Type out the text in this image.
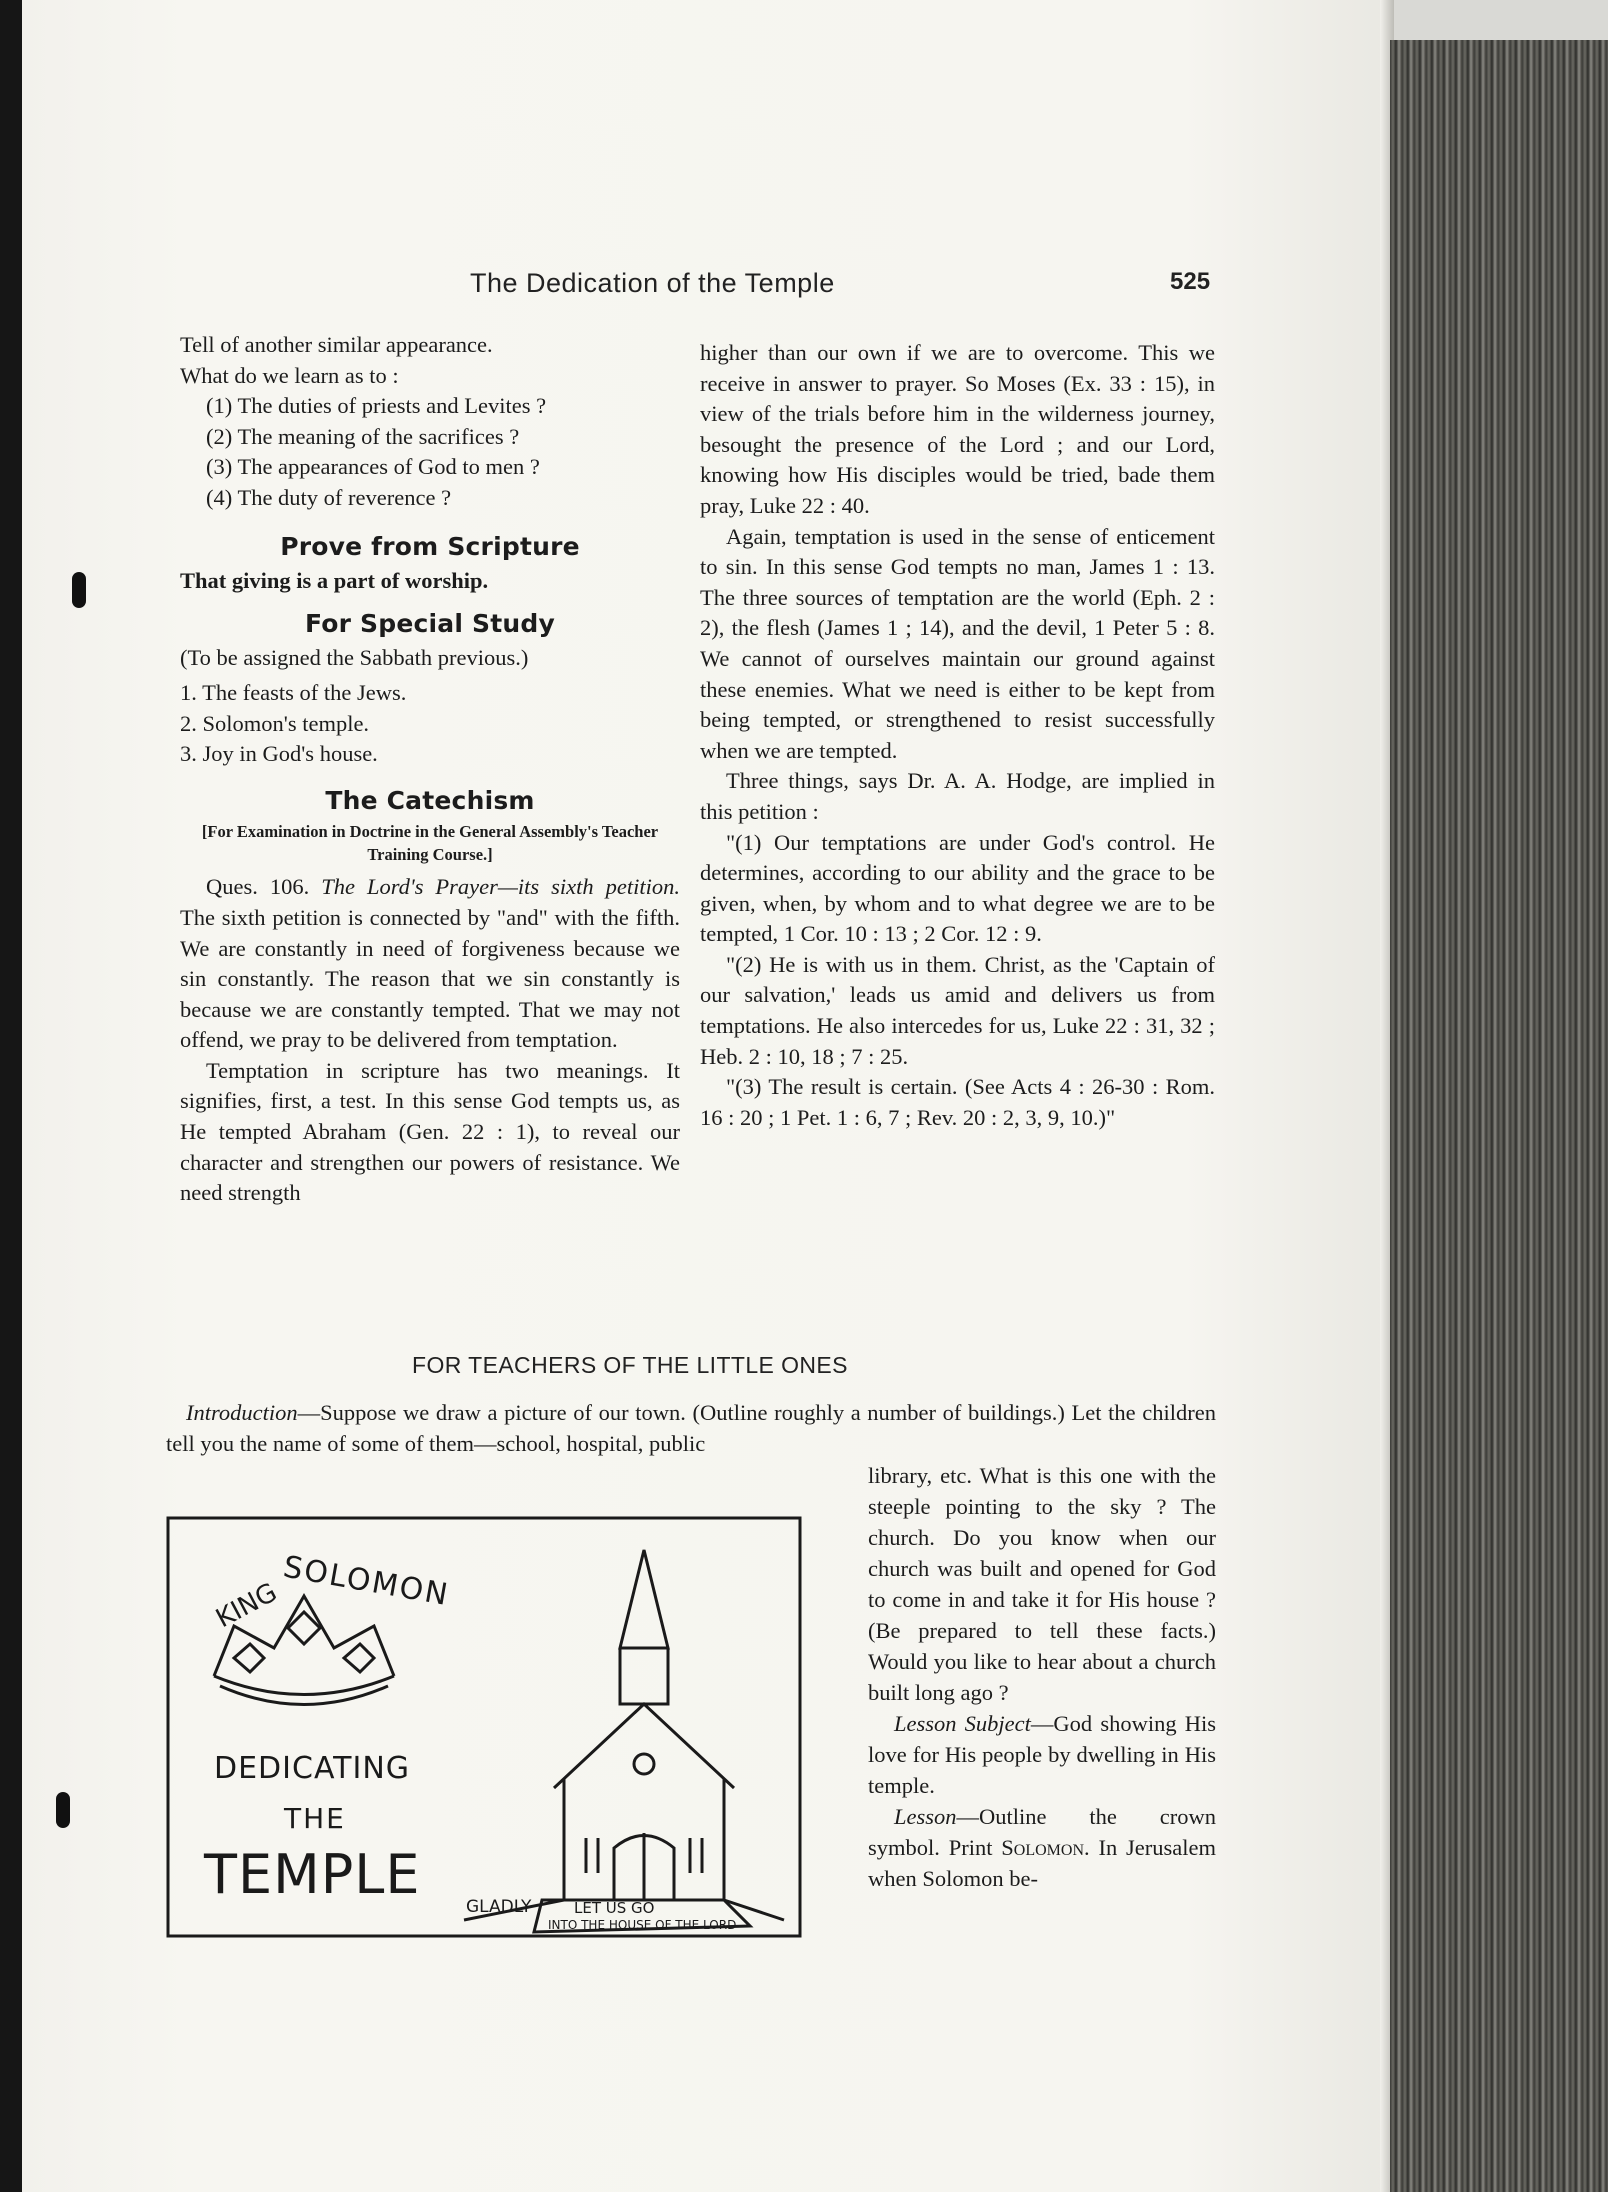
The Dedication of the Temple	525
Tell of another similar appearance.
What do we learn as to :
(1) The duties of priests and Levites ?
(2) The meaning of the sacrifices ?
(3) The appearances of God to men ?
(4) The duty of reverence ?
Prove from Scripture
That giving is a part of worship.
For Special Study
(To be assigned the Sabbath previous.)
1. The feasts of the Jews.
2. Solomon's temple.
3. Joy in God's house.
The Catechism
[For Examination in Doctrine in the General Assembly's Teacher Training Course.]

Ques. 106. The Lord's Prayer—its sixth petition. The sixth petition is connected by "and" with the fifth. We are constantly in need of forgiveness because we sin constantly. The reason that we sin constantly is because we are constantly tempted. That we may not offend, we pray to be delivered from temptation.

Temptation in scripture has two meanings. It signifies, first, a test. In this sense God tempts us, as He tempted Abraham (Gen. 22 : 1), to reveal our character and strengthen our powers of resistance. We need strength

higher than our own if we are to overcome. This we receive in answer to prayer. So Moses (Ex. 33 : 15), in view of the trials before him in the wilderness journey, besought the presence of the Lord ; and our Lord, knowing how His disciples would be tried, bade them pray, Luke 22 : 40.

Again, temptation is used in the sense of enticement to sin. In this sense God tempts no man, James 1 : 13. The three sources of temptation are the world (Eph. 2 : 2), the flesh (James 1 ; 14), and the devil, 1 Peter 5 : 8. We cannot of ourselves maintain our ground against these enemies. What we need is either to be kept from being tempted, or strengthened to resist successfully when we are tempted.

Three things, says Dr. A. A. Hodge, are implied in this petition :

"(1) Our temptations are under God's control. He determines, according to our ability and the grace to be given, when, by whom and to what degree we are to be tempted, 1 Cor. 10 : 13 ; 2 Cor. 12 : 9.

"(2) He is with us in them. Christ, as the 'Captain of our salvation,' leads us amid and delivers us from temptations. He also intercedes for us, Luke 22 : 31, 32 ; Heb. 2 : 10, 18 ; 7 : 25.

"(3) The result is certain. (See Acts 4 : 26-30 : Rom. 16 : 20 ; 1 Pet. 1 : 6, 7 ; Rev. 20 : 2, 3, 9, 10.)"

FOR TEACHERS OF THE LITTLE ONES

Introduction—Suppose we draw a picture of our town. (Outline roughly a number of buildings.) Let the children tell you the name of some of them—school, hospital, public

library, etc. What is this one with the steeple pointing to the sky ? The church. Do you know when our church was built and opened for God to come in and take it for His house ? (Be prepared to tell these facts.) Would you like to hear about a church built long ago ?

Lesson Subject—God showing His love for His people by dwelling in His temple.

Lesson—Outline the crown symbol. Print Solomon. In Jerusalem when Solomon be-

KING
SOLOMON
DEDICATING
THE
TEMPLE
GLADLY	LET US GO
INTO THE HOUSE OF THE LORD
